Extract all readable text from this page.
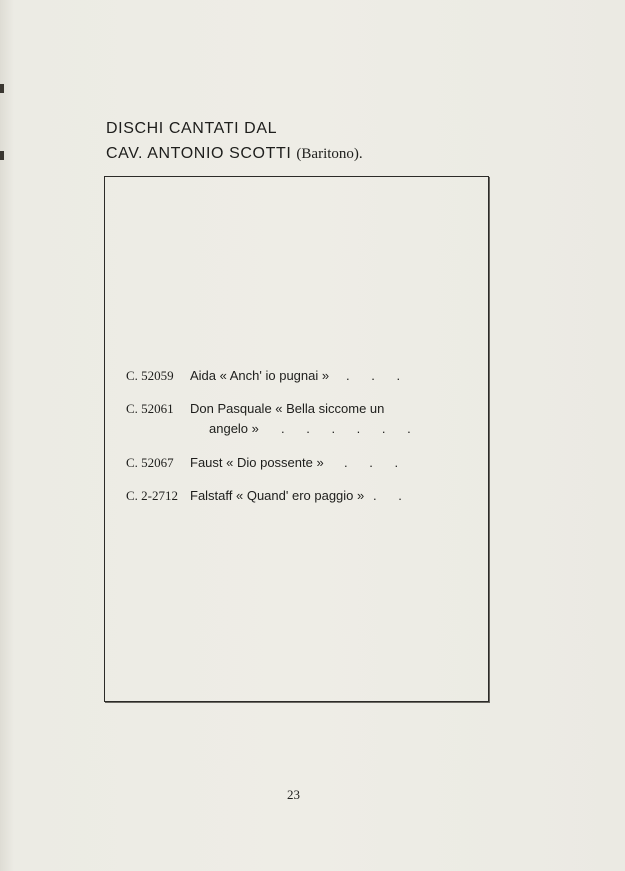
DISCHI CANTATI DAL
CAV. ANTONIO SCOTTI (Baritono).
C. 52059 Aida « Anch' io pugnai » . . .
C. 52061 Don Pasquale « Bella siccome un
angelo » . . . . . .
C. 52067 Faust « Dio possente » . . .
C. 2-2712 Falstaff « Quand' ero paggio » . .
23
